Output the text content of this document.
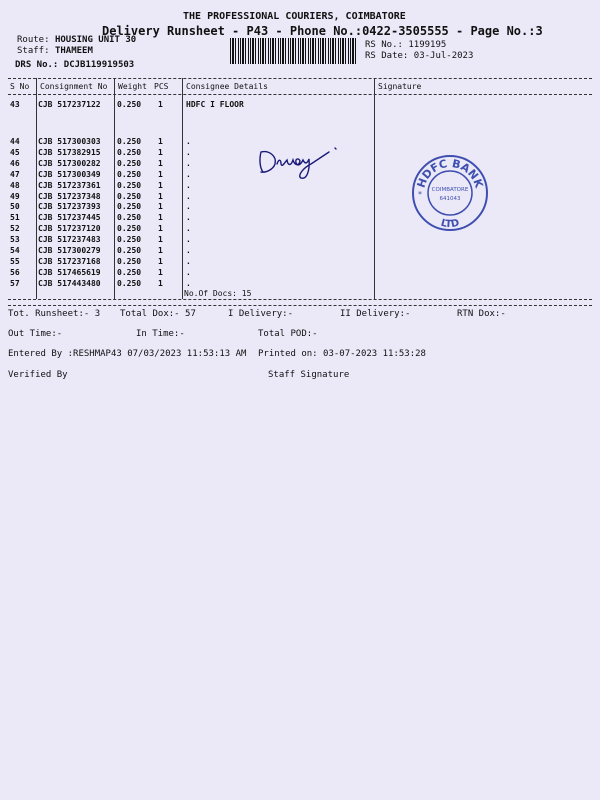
THE PROFESSIONAL COURIERS, COIMBATORE
Delivery Runsheet - P43 - Phone No.:0422-3505555 - Page No.:3
Route: HOUSING UNIT 30
Staff: THAMEEM
DRS No.: DCJB119919503
RS No.: 1199195
RS Date: 03-Jul-2023
S No Consignment No Weight PCS Consignee Details	Signature
43 CJB 517237122 0.250 1	HDFC I FLOOR
44 CJB 517300303 0.250 1	.
45 CJB 517382915 0.250 1	.
46 CJB 517300282 0.250 1	.
47 CJB 517300349 0.250 1	.
48 CJB 517237361 0.250 1	.
49 CJB 517237348 0.250 1	.
50 CJB 517237393 0.250 1	.
51 CJB 517237445 0.250 1	.
52 CJB 517237120 0.250 1	.
53 CJB 517237483 0.250 1	.
54 CJB 517300279 0.250 1	.
55 CJB 517237168 0.250 1	.
56 CJB 517465619 0.250 1	.
57 CJB 517443480 0.250 1	.
No.Of Docs: 15
HDFC BANK
LTD
COIMBATORE
641043
*
Tot. Runsheet:- 3 Total Dox:- 57	I Delivery:-	II Delivery:-	RTN Dox:-
Out Time:-	In Time:-	Total POD:-
Entered By :RESHMAP43 07/03/2023 11:53:13 AM Printed on: 03-07-2023 11:53:28
Verified By	Staff Signature
